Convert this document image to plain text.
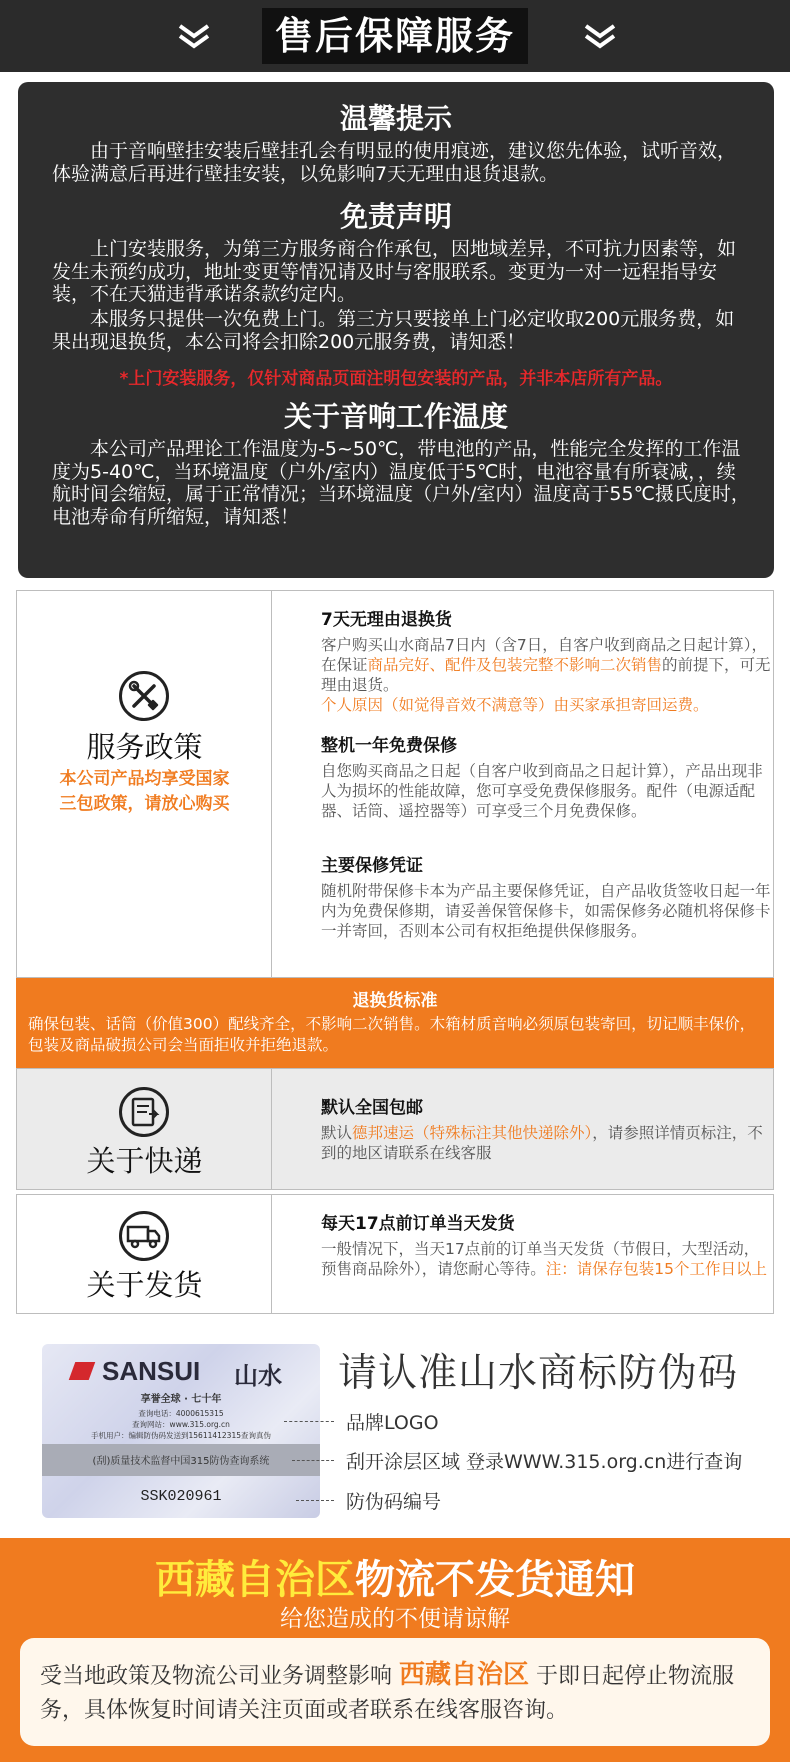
售后保障服务
温馨提示
由于音响壁挂安装后壁挂孔会有明显的使用痕迹，建议您先体验，试听音效，体验满意后再进行壁挂安装，以免影响7天无理由退货退款。
免责声明
上门安装服务，为第三方服务商合作承包，因地域差异，不可抗力因素等，如发生未预约成功，地址变更等情况请及时与客服联系。变更为一对一远程指导安装，不在天猫违背承诺条款约定内。
本服务只提供一次免费上门。第三方只要接单上门必定收取200元服务费，如果出现退换货，本公司将会扣除200元服务费，请知悉！
*上门安装服务，仅针对商品页面注明包安装的产品，并非本店所有产品。
关于音响工作温度
本公司产品理论工作温度为-5~50℃，带电池的产品，性能完全发挥的工作温度为5-40℃，当环境温度（户外/室内）温度低于5℃时，电池容量有所衰减，，续航时间会缩短，属于正常情况；当环境温度（户外/室内）温度高于55℃摄氏度时，电池寿命有所缩短，请知悉！
服务政策
本公司产品均享受国家三包政策，请放心购买
7天无理由退换货
客户购买山水商品7日内（含7日，自客户收到商品之日起计算），在保证商品完好、配件及包装完整不影响二次销售的前提下，可无理由退货。
个人原因（如觉得音效不满意等）由买家承担寄回运费。
整机一年免费保修
自您购买商品之日起（自客户收到商品之日起计算），产品出现非人为损坏的性能故障，您可享受免费保修服务。配件（电源适配器、话筒、遥控器等）可享受三个月免费保修。
主要保修凭证
随机附带保修卡本为产品主要保修凭证，自产品收货签收日起一年内为免费保修期，请妥善保管保修卡，如需保修务必随机将保修卡一并寄回，否则本公司有权拒绝提供保修服务。
退换货标准
确保包装、话筒（价值300）配线齐全，不影响二次销售。木箱材质音响必须原包装寄回，切记顺丰保价，包装及商品破损公司会当面拒收并拒绝退款。
关于快递
默认全国包邮
默认德邦速运（特殊标注其他快递除外），请参照详情页标注，不到的地区请联系在线客服
关于发货
每天17点前订单当天发货
一般情况下，当天17点前的订单当天发货（节假日，大型活动，预售商品除外），请您耐心等待。注：请保存包装15个工作日以上
SANSUI 山水
享誉全球 · 七十年
查询电话：4000615315
查询网站：www.315.org.cn
手机用户：编辑防伪码发送到15611412315查询真伪
(刮)质量技术监督中国315防伪查询系统
SSK020961
请认准山水商标防伪码
品牌LOGO
刮开涂层区域 登录WWW.315.org.cn进行查询
防伪码编号
西藏自治区物流不发货通知
给您造成的不便请谅解
受当地政策及物流公司业务调整影响 西藏自治区 于即日起停止物流服务，具体恢复时间请关注页面或者联系在线客服咨询。
